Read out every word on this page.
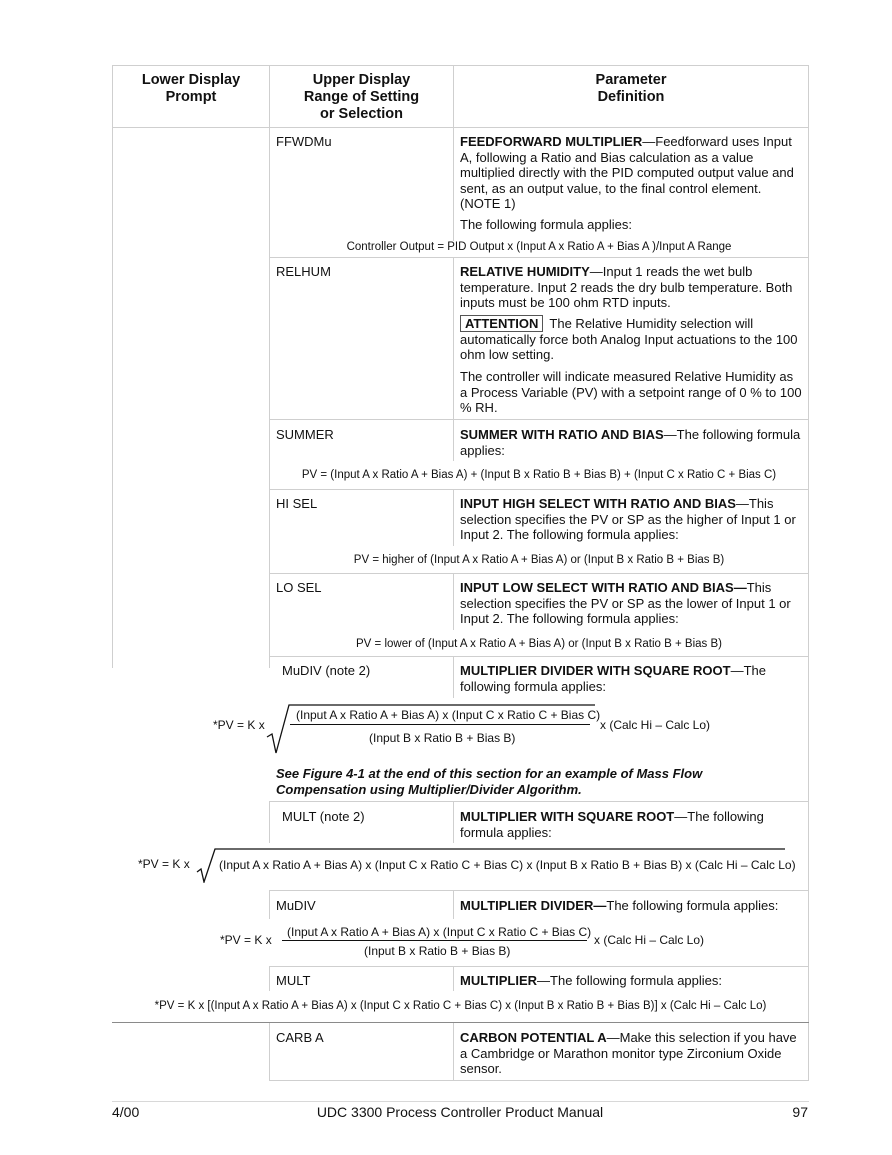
Lower Display
Prompt
Upper Display
Range of Setting
or Selection
Parameter
Definition
FFWDMu	FEEDFORWARD MULTIPLIER—Feedforward uses Input A, following a Ratio and Bias calculation as a value multiplied directly with the PID computed output value and sent, as an output value, to the final control element. (NOTE 1)
The following formula applies:
Controller Output = PID Output x (Input A x Ratio A + Bias A )/Input A Range
RELHUM	RELATIVE HUMIDITY—Input 1 reads the wet bulb temperature. Input 2 reads the dry bulb temperature. Both inputs must be 100 ohm RTD inputs.
ATTENTION The Relative Humidity selection will automatically force both Analog Input actuations to the 100 ohm low setting.
The controller will indicate measured Relative Humidity as a Process Variable (PV) with a setpoint range of 0 % to 100 % RH.
SUMMER	SUMMER WITH RATIO AND BIAS—The following formula applies:
PV = (Input A x Ratio A + Bias A) + (Input B x Ratio B + Bias B) + (Input C x Ratio C + Bias C)
HI SEL	INPUT HIGH SELECT WITH RATIO AND BIAS—This selection specifies the PV or SP as the higher of Input 1 or Input 2. The following formula applies:
PV = higher of (Input A x Ratio A + Bias A) or (Input B x Ratio B + Bias B)
LO SEL	INPUT LOW SELECT WITH RATIO AND BIAS—This selection specifies the PV or SP as the lower of Input 1 or Input 2. The following formula applies:
PV = lower of (Input A x Ratio A + Bias A) or (Input B x Ratio B + Bias B)
MuDIV (note 2)	MULTIPLIER DIVIDER WITH SQUARE ROOT—The following formula applies:
*PV = K x
(Input A x Ratio A + Bias A) x (Input C x Ratio C + Bias C)
(Input B x Ratio B + Bias B)
x (Calc Hi – Calc Lo)
See Figure 4-1 at the end of this section for an example of Mass Flow Compensation using Multiplier/Divider Algorithm.
MULT (note 2)	MULTIPLIER WITH SQUARE ROOT—The following formula applies:
*PV = K x (Input A x Ratio A + Bias A) x (Input C x Ratio C + Bias C) x (Input B x Ratio B + Bias B) x (Calc Hi – Calc Lo)
MuDIV	MULTIPLIER DIVIDER—The following formula applies:
*PV = K x
(Input A x Ratio A + Bias A) x (Input C x Ratio C + Bias C)
(Input B x Ratio B + Bias B)
x (Calc Hi – Calc Lo)
MULT	MULTIPLIER—The following formula applies:
*PV = K x [(Input A x Ratio A + Bias A) x (Input C x Ratio C + Bias C) x (Input B x Ratio B + Bias B)] x (Calc Hi – Calc Lo)
CARB A	CARBON POTENTIAL A—Make this selection if you have a Cambridge or Marathon monitor type Zirconium Oxide sensor.
4/00	UDC 3300 Process Controller Product Manual	97
